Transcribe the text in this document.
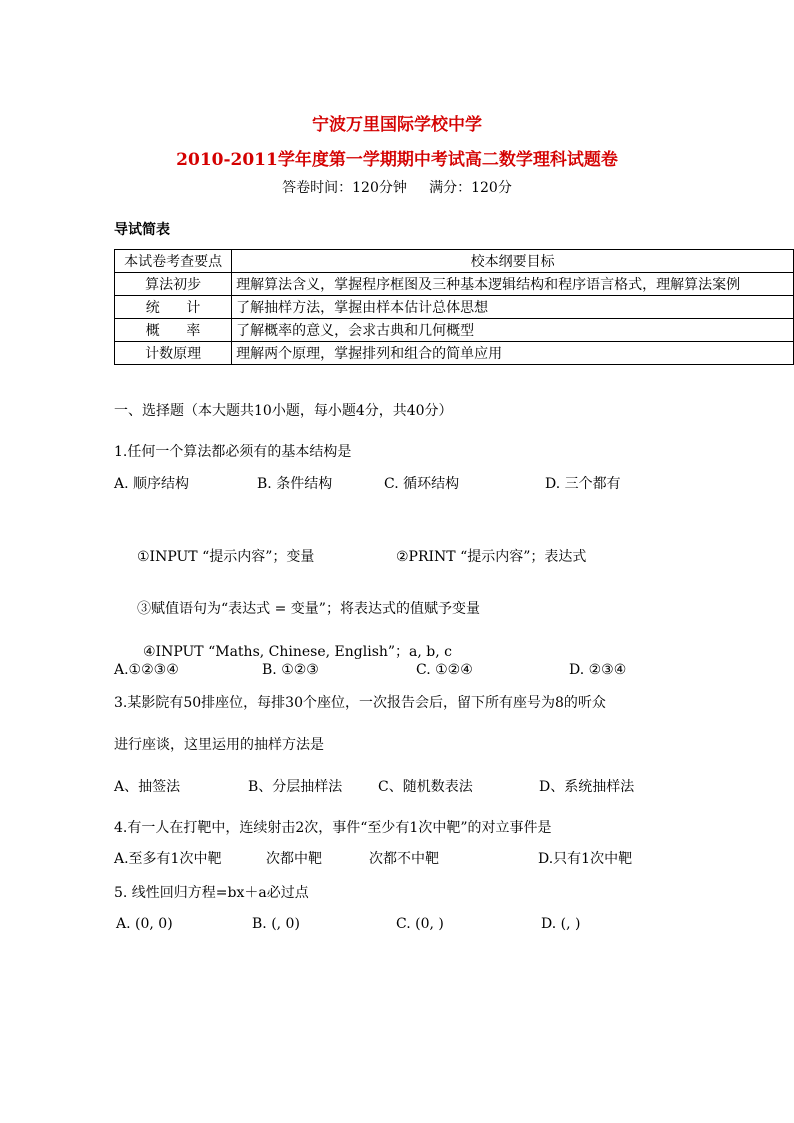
宁波万里国际学校中学
2010-2011学年度第一学期期中考试高二数学理科试题卷
答卷时间：120分钟     满分：120分
导试简表
本试卷考查要点	校本纲要目标
算法初步	理解算法含义，掌握程序框图及三种基本逻辑结构和程序语言格式，理解算法案例
统      计	了解抽样方法，掌握由样本估计总体思想
概      率	了解概率的意义，会求古典和几何概型
计数原理	理解两个原理，掌握排列和组合的简单应用
一、选择题（本大题共10小题，每小题4分，共40分）
1.任何一个算法都必须有的基本结构是
A. 顺序结构	B. 条件结构	C. 循环结构	D. 三个都有
①INPUT “提示内容”；变量	②PRINT “提示内容”；表达式
③赋值语句为“表达式 = 变量”；将表达式的值赋予变量
④INPUT “Maths, Chinese, English”；a, b, c
A.①②③④	B. ①②③	C. ①②④	D. ②③④
3.某影院有50排座位，每排30个座位，一次报告会后，留下所有座号为8的听众
进行座谈，这里运用的抽样方法是
A、抽签法	B、分层抽样法	C、随机数表法	D、系统抽样法
4.有一人在打靶中，连续射击2次，事件“至少有1次中靶”的对立事件是
A.至多有1次中靶	次都中靶	次都不中靶	D.只有1次中靶
5. 线性回归方程=bx＋a必过点
A. (0, 0)	B. (, 0)	C. (0, )	D. (, )
